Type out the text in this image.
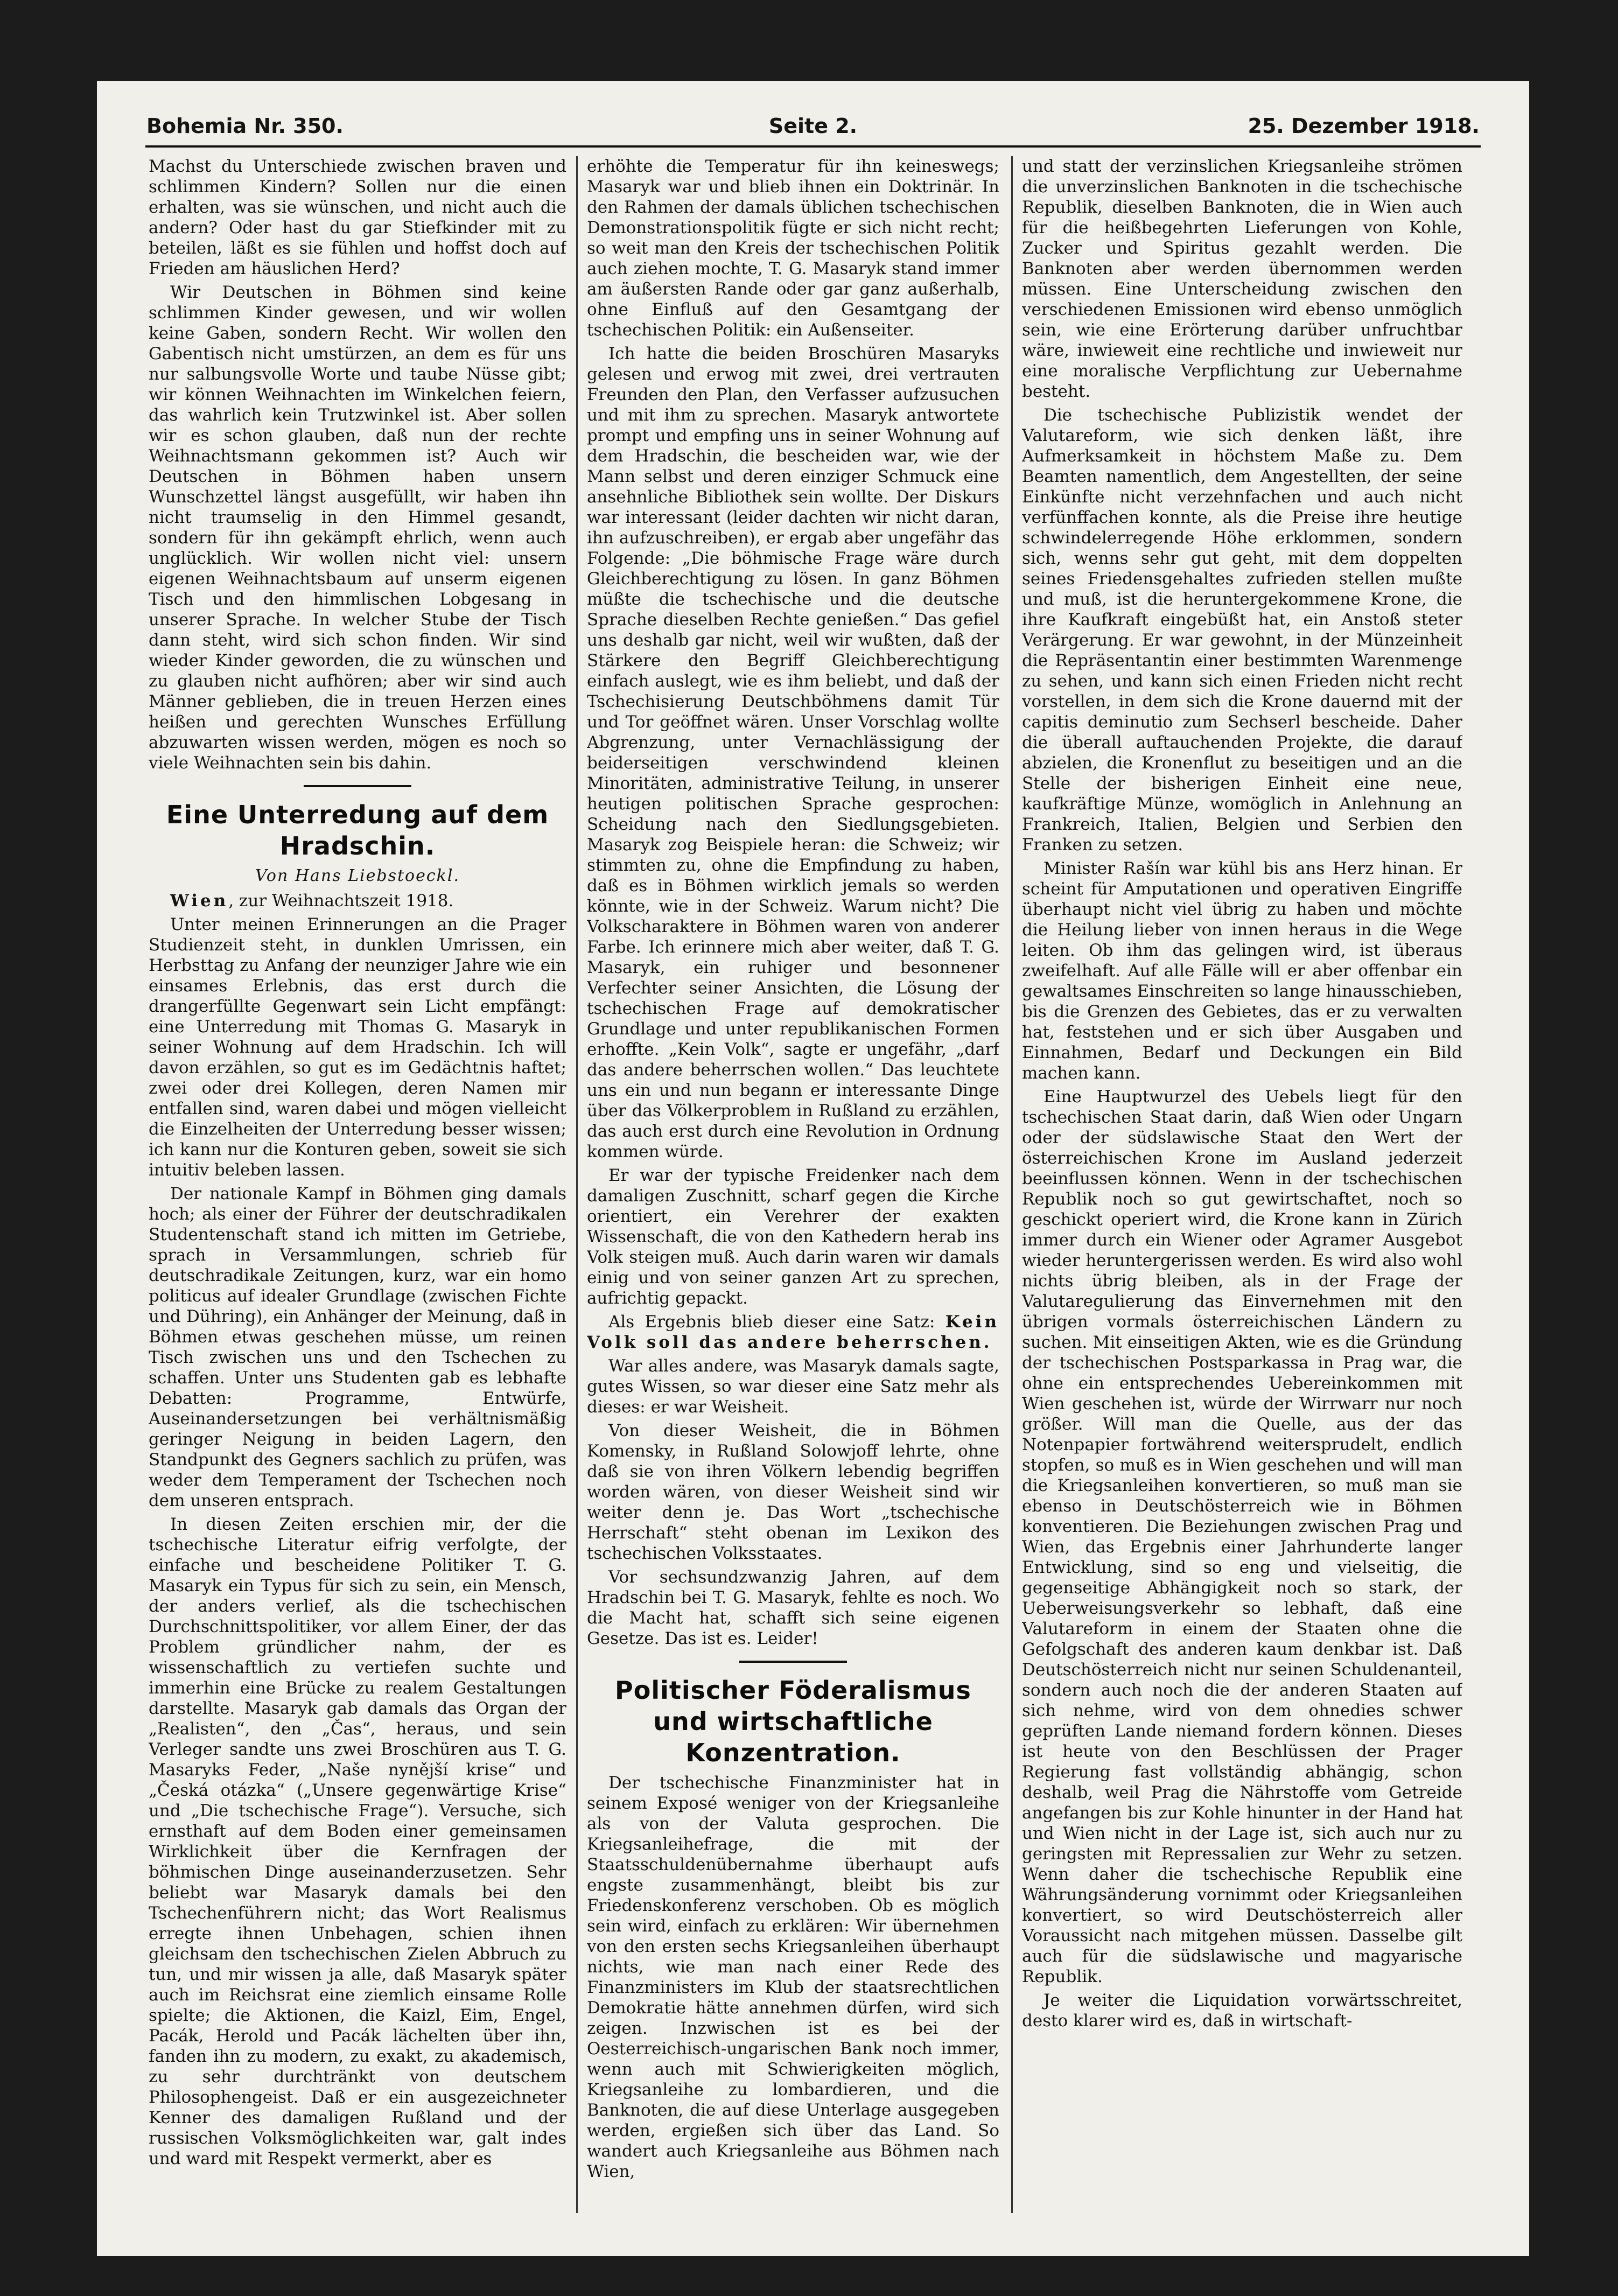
Bohemia Nr. 350.	Seite 2.	25. Dezember 1918.

Machst du Unterschiede zwischen braven und schlimmen Kindern? Sollen nur die einen erhalten, was sie wünschen, und nicht auch die andern? Oder hast du gar Stiefkinder mit zu beteilen, läßt es sie fühlen und hoffst doch auf Frieden am häuslichen Herd?

Wir Deutschen in Böhmen sind keine schlimmen Kinder gewesen, und wir wollen keine Gaben, sondern Recht. Wir wollen den Gabentisch nicht umstürzen, an dem es für uns nur salbungsvolle Worte und taube Nüsse gibt; wir können Weihnachten im Winkelchen feiern, das wahrlich kein Trutzwinkel ist. Aber sollen wir es schon glauben, daß nun der rechte Weihnachtsmann gekommen ist? Auch wir Deutschen in Böhmen haben unsern Wunschzettel längst ausgefüllt, wir haben ihn nicht traumselig in den Himmel gesandt, sondern für ihn gekämpft ehrlich, wenn auch unglücklich. Wir wollen nicht viel: unsern eigenen Weihnachtsbaum auf unserm eigenen Tisch und den himmlischen Lobgesang in unserer Sprache. In welcher Stube der Tisch dann steht, wird sich schon finden. Wir sind wieder Kinder geworden, die zu wünschen und zu glauben nicht aufhören; aber wir sind auch Männer geblieben, die in treuen Herzen eines heißen und gerechten Wunsches Erfüllung abzuwarten wissen werden, mögen es noch so viele Weihnachten sein bis dahin.

Eine Unterredung auf dem Hradschin.
Von Hans Liebstoeckl.

Wien, zur Weihnachtszeit 1918.

Unter meinen Erinnerungen an die Prager Studienzeit steht, in dunklen Umrissen, ein Herbsttag zu Anfang der neunziger Jahre wie ein einsames Erlebnis, das erst durch die drangerfüllte Gegenwart sein Licht empfängt: eine Unterredung mit Thomas G. Masaryk in seiner Wohnung auf dem Hradschin. Ich will davon erzählen, so gut es im Gedächtnis haftet; zwei oder drei Kollegen, deren Namen mir entfallen sind, waren dabei und mögen vielleicht die Einzelheiten der Unterredung besser wissen; ich kann nur die Konturen geben, soweit sie sich intuitiv beleben lassen.

Der nationale Kampf in Böhmen ging damals hoch; als einer der Führer der deutschradikalen Studentenschaft stand ich mitten im Getriebe, sprach in Versammlungen, schrieb für deutschradikale Zeitungen, kurz, war ein homo politicus auf idealer Grundlage (zwischen Fichte und Dühring), ein Anhänger der Meinung, daß in Böhmen etwas geschehen müsse, um reinen Tisch zwischen uns und den Tschechen zu schaffen. Unter uns Studenten gab es lebhafte Debatten: Programme, Entwürfe, Auseinandersetzungen bei verhältnismäßig geringer Neigung in beiden Lagern, den Standpunkt des Gegners sachlich zu prüfen, was weder dem Temperament der Tschechen noch dem unseren entsprach.

In diesen Zeiten erschien mir, der die tschechische Literatur eifrig verfolgte, der einfache und bescheidene Politiker T. G. Masaryk ein Typus für sich zu sein, ein Mensch, der anders verlief, als die tschechischen Durchschnittspolitiker, vor allem Einer, der das Problem gründlicher nahm, der es wissenschaftlich zu vertiefen suchte und immerhin eine Brücke zu realem Gestaltungen darstellte. Masaryk gab damals das Organ der „Realisten“, den „Čas“, heraus, und sein Verleger sandte uns zwei Broschüren aus T. G. Masaryks Feder, „Naše nynější krise“ und „Česká otázka“ („Unsere gegenwärtige Krise“ und „Die tschechische Frage“). Versuche, sich ernsthaft auf dem Boden einer gemeinsamen Wirklichkeit über die Kernfragen der böhmischen Dinge auseinanderzusetzen. Sehr beliebt war Masaryk damals bei den Tschechenführern nicht; das Wort Realismus erregte ihnen Unbehagen, schien ihnen gleichsam den tschechischen Zielen Abbruch zu tun, und mir wissen ja alle, daß Masaryk später auch im Reichsrat eine ziemlich einsame Rolle spielte; die Aktionen, die Kaizl, Eim, Engel, Pacák, Herold und Pacák lächelten über ihn, fanden ihn zu modern, zu exakt, zu akademisch, zu sehr durchtränkt von deutschem Philosophengeist. Daß er ein ausgezeichneter Kenner des damaligen Rußland und der russischen Volksmöglichkeiten war, galt indes und ward mit Respekt vermerkt, aber es

erhöhte die Temperatur für ihn keineswegs; Masaryk war und blieb ihnen ein Doktrinär. In den Rahmen der damals üblichen tschechischen Demonstrationspolitik fügte er sich nicht recht; so weit man den Kreis der tschechischen Politik auch ziehen mochte, T. G. Masaryk stand immer am äußersten Rande oder gar ganz außerhalb, ohne Einfluß auf den Gesamtgang der tschechischen Politik: ein Außenseiter.

Ich hatte die beiden Broschüren Masaryks gelesen und erwog mit zwei, drei vertrauten Freunden den Plan, den Verfasser aufzusuchen und mit ihm zu sprechen. Masaryk antwortete prompt und empfing uns in seiner Wohnung auf dem Hradschin, die bescheiden war, wie der Mann selbst und deren einziger Schmuck eine ansehnliche Bibliothek sein wollte. Der Diskurs war interessant (leider dachten wir nicht daran, ihn aufzuschreiben), er ergab aber ungefähr das Folgende: „Die böhmische Frage wäre durch Gleichberechtigung zu lösen. In ganz Böhmen müßte die tschechische und die deutsche Sprache dieselben Rechte genießen.“ Das gefiel uns deshalb gar nicht, weil wir wußten, daß der Stärkere den Begriff Gleichberechtigung einfach auslegt, wie es ihm beliebt, und daß der Tschechisierung Deutschböhmens damit Tür und Tor geöffnet wären. Unser Vorschlag wollte Abgrenzung, unter Vernachlässigung der beiderseitigen verschwindend kleinen Minoritäten, administrative Teilung, in unserer heutigen politischen Sprache gesprochen: Scheidung nach den Siedlungsgebieten. Masaryk zog Beispiele heran: die Schweiz; wir stimmten zu, ohne die Empfindung zu haben, daß es in Böhmen wirklich jemals so werden könnte, wie in der Schweiz. Warum nicht? Die Volkscharaktere in Böhmen waren von anderer Farbe. Ich erinnere mich aber weiter, daß T. G. Masaryk, ein ruhiger und besonnener Verfechter seiner Ansichten, die Lösung der tschechischen Frage auf demokratischer Grundlage und unter republikanischen Formen erhoffte. „Kein Volk“, sagte er ungefähr, „darf das andere beherrschen wollen.“ Das leuchtete uns ein und nun begann er interessante Dinge über das Völkerproblem in Rußland zu erzählen, das auch erst durch eine Revolution in Ordnung kommen würde.

Er war der typische Freidenker nach dem damaligen Zuschnitt, scharf gegen die Kirche orientiert, ein Verehrer der exakten Wissenschaft, die von den Kathedern herab ins Volk steigen muß. Auch darin waren wir damals einig und von seiner ganzen Art zu sprechen, aufrichtig gepackt.

Als Ergebnis blieb dieser eine Satz: Kein Volk soll das andere beherrschen.

War alles andere, was Masaryk damals sagte, gutes Wissen, so war dieser eine Satz mehr als dieses: er war Weisheit.

Von dieser Weisheit, die in Böhmen Komensky, in Rußland Solowjoff lehrte, ohne daß sie von ihren Völkern lebendig begriffen worden wären, von dieser Weisheit sind wir weiter denn je. Das Wort „tschechische Herrschaft“ steht obenan im Lexikon des tschechischen Volksstaates.

Vor sechsundzwanzig Jahren, auf dem Hradschin bei T. G. Masaryk, fehlte es noch. Wo die Macht hat, schafft sich seine eigenen Gesetze. Das ist es. Leider!

Politischer Föderalismus und wirtschaftliche Konzentration.

Der tschechische Finanzminister hat in seinem Exposé weniger von der Kriegsanleihe als von der Valuta gesprochen. Die Kriegsanleihefrage, die mit der Staatsschuldenübernahme überhaupt aufs engste zusammenhängt, bleibt bis zur Friedenskonferenz verschoben. Ob es möglich sein wird, einfach zu erklären: Wir übernehmen von den ersten sechs Kriegsanleihen überhaupt nichts, wie man nach einer Rede des Finanzministers im Klub der staatsrechtlichen Demokratie hätte annehmen dürfen, wird sich zeigen. Inzwischen ist es bei der Oesterreichisch-ungarischen Bank noch immer, wenn auch mit Schwierigkeiten möglich, Kriegsanleihe zu lombardieren, und die Banknoten, die auf diese Unterlage ausgegeben werden, ergießen sich über das Land. So wandert auch Kriegsanleihe aus Böhmen nach Wien,

und statt der verzinslichen Kriegsanleihe strömen die unverzinslichen Banknoten in die tschechische Republik, dieselben Banknoten, die in Wien auch für die heißbegehrten Lieferungen von Kohle, Zucker und Spiritus gezahlt werden. Die Banknoten aber werden übernommen werden müssen. Eine Unterscheidung zwischen den verschiedenen Emissionen wird ebenso unmöglich sein, wie eine Erörterung darüber unfruchtbar wäre, inwieweit eine rechtliche und inwieweit nur eine moralische Verpflichtung zur Uebernahme besteht.

Die tschechische Publizistik wendet der Valutareform, wie sich denken läßt, ihre Aufmerksamkeit in höchstem Maße zu. Dem Beamten namentlich, dem Angestellten, der seine Einkünfte nicht verzehnfachen und auch nicht verfünffachen konnte, als die Preise ihre heutige schwindelerregende Höhe erklommen, sondern sich, wenns sehr gut geht, mit dem doppelten seines Friedensgehaltes zufrieden stellen mußte und muß, ist die heruntergekommene Krone, die ihre Kaufkraft eingebüßt hat, ein Anstoß steter Verärgerung. Er war gewohnt, in der Münzeinheit die Repräsentantin einer bestimmten Warenmenge zu sehen, und kann sich einen Frieden nicht recht vorstellen, in dem sich die Krone dauernd mit der capitis deminutio zum Sechserl bescheide. Daher die überall auftauchenden Projekte, die darauf abzielen, die Kronenflut zu beseitigen und an die Stelle der bisherigen Einheit eine neue, kaufkräftige Münze, womöglich in Anlehnung an Frankreich, Italien, Belgien und Serbien den Franken zu setzen.

Minister Rašín war kühl bis ans Herz hinan. Er scheint für Amputationen und operativen Eingriffe überhaupt nicht viel übrig zu haben und möchte die Heilung lieber von innen heraus in die Wege leiten. Ob ihm das gelingen wird, ist überaus zweifelhaft. Auf alle Fälle will er aber offenbar ein gewaltsames Einschreiten so lange hinausschieben, bis die Grenzen des Gebietes, das er zu verwalten hat, feststehen und er sich über Ausgaben und Einnahmen, Bedarf und Deckungen ein Bild machen kann.

Eine Hauptwurzel des Uebels liegt für den tschechischen Staat darin, daß Wien oder Ungarn oder der südslawische Staat den Wert der österreichischen Krone im Ausland jederzeit beeinflussen können. Wenn in der tschechischen Republik noch so gut gewirtschaftet, noch so geschickt operiert wird, die Krone kann in Zürich immer durch ein Wiener oder Agramer Ausgebot wieder heruntergerissen werden. Es wird also wohl nichts übrig bleiben, als in der Frage der Valutaregulierung das Einvernehmen mit den übrigen vormals österreichischen Ländern zu suchen. Mit einseitigen Akten, wie es die Gründung der tschechischen Postsparkassa in Prag war, die ohne ein entsprechendes Uebereinkommen mit Wien geschehen ist, würde der Wirrwarr nur noch größer. Will man die Quelle, aus der das Notenpapier fortwährend weitersprudelt, endlich stopfen, so muß es in Wien geschehen und will man die Kriegsanleihen konvertieren, so muß man sie ebenso in Deutschösterreich wie in Böhmen konventieren. Die Beziehungen zwischen Prag und Wien, das Ergebnis einer Jahrhunderte langer Entwicklung, sind so eng und vielseitig, die gegenseitige Abhängigkeit noch so stark, der Ueberweisungsverkehr so lebhaft, daß eine Valutareform in einem der Staaten ohne die Gefolgschaft des anderen kaum denkbar ist. Daß Deutschösterreich nicht nur seinen Schuldenanteil, sondern auch noch die der anderen Staaten auf sich nehme, wird von dem ohnedies schwer geprüften Lande niemand fordern können. Dieses ist heute von den Beschlüssen der Prager Regierung fast vollständig abhängig, schon deshalb, weil Prag die Nährstoffe vom Getreide angefangen bis zur Kohle hinunter in der Hand hat und Wien nicht in der Lage ist, sich auch nur zu geringsten mit Repressalien zur Wehr zu setzen. Wenn daher die tschechische Republik eine Währungsänderung vornimmt oder Kriegsanleihen konvertiert, so wird Deutschösterreich aller Voraussicht nach mitgehen müssen. Dasselbe gilt auch für die südslawische und magyarische Republik.

Je weiter die Liquidation vorwärtsschreitet, desto klarer wird es, daß in wirtschaft-
